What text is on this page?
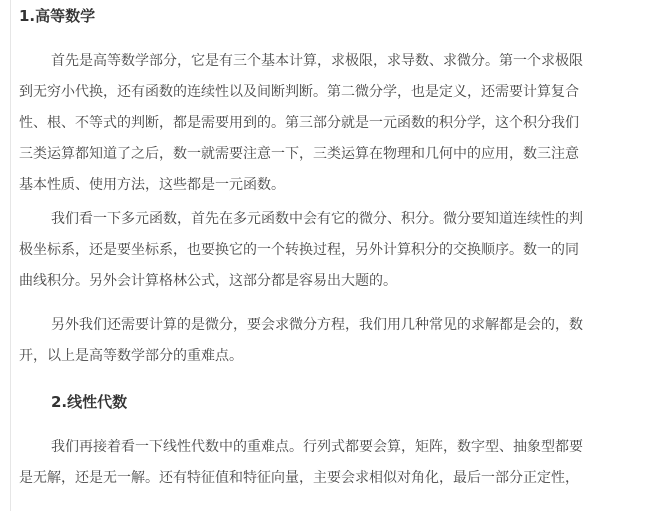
1.高等数学
首先是高等数学部分，它是有三个基本计算，求极限，求导数、求微分。第一个求极限
到无穷小代换，还有函数的连续性以及间断判断。第二微分学，也是定义，还需要计算复合
性、根、不等式的判断，都是需要用到的。第三部分就是一元函数的积分学，这个积分我们
三类运算都知道了之后，数一就需要注意一下，三类运算在物理和几何中的应用，数三注意
基本性质、使用方法，这些都是一元函数。
我们看一下多元函数，首先在多元函数中会有它的微分、积分。微分要知道连续性的判
极坐标系，还是要坐标系，也要换它的一个转换过程，另外计算积分的交换顺序。数一的同
曲线积分。另外会计算格林公式，这部分都是容易出大题的。
另外我们还需要计算的是微分，要会求微分方程，我们用几种常见的求解都是会的，数
开，以上是高等数学部分的重难点。
2.线性代数
我们再接着看一下线性代数中的重难点。行列式都要会算，矩阵，数字型、抽象型都要
是无解，还是无一解。还有特征值和特征向量，主要会求相似对角化，最后一部分正定性，
